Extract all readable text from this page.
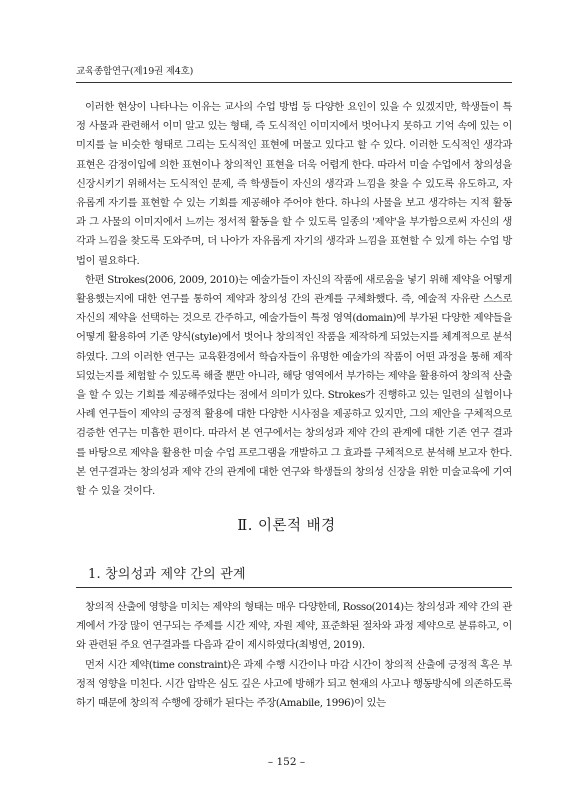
교육종합연구(제19권 제4호)

이러한 현상이 나타나는 이유는 교사의 수업 방법 등 다양한 요인이 있을 수 있겠지만, 학생들이 특정 사물과 관련해서 이미 알고 있는 형태, 즉 도식적인 이미지에서 벗어나지 못하고 기억 속에 있는 이미지를 늘 비슷한 형태로 그리는 도식적인 표현에 머물고 있다고 할 수 있다. 이러한 도식적인 생각과 표현은 감정이입에 의한 표현이나 창의적인 표현을 더욱 어렵게 한다. 따라서 미술 수업에서 창의성을 신장시키기 위해서는 도식적인 문제, 즉 학생들이 자신의 생각과 느낌을 찾을 수 있도록 유도하고, 자유롭게 자기를 표현할 수 있는 기회를 제공해야 주어야 한다. 하나의 사물을 보고 생각하는 지적 활동과 그 사물의 이미지에서 느끼는 정서적 활동을 할 수 있도록 일종의 '제약'을 부가함으로써 자신의 생각과 느낌을 찾도록 도와주며, 더 나아가 자유롭게 자기의 생각과 느낌을 표현할 수 있게 하는 수업 방법이 필요하다.

한편 Strokes(2006, 2009, 2010)는 예술가들이 자신의 작품에 새로움을 넣기 위해 제약을 어떻게 활용했는지에 대한 연구를 통하여 제약과 창의성 간의 관계를 구체화했다. 즉, 예술적 자유란 스스로 자신의 제약을 선택하는 것으로 간주하고, 예술가들이 특정 영역(domain)에 부가된 다양한 제약들을 어떻게 활용하여 기존 양식(style)에서 벗어나 창의적인 작품을 제작하게 되었는지를 체계적으로 분석하였다. 그의 이러한 연구는 교육환경에서 학습자들이 유명한 예술가의 작품이 어떤 과정을 통해 제작되었는지를 체험할 수 있도록 해줄 뿐만 아니라, 해당 영역에서 부가하는 제약을 활용하여 창의적 산출을 할 수 있는 기회를 제공해주었다는 점에서 의미가 있다. Strokes가 진행하고 있는 일련의 실험이나 사례 연구들이 제약의 긍정적 활용에 대한 다양한 시사점을 제공하고 있지만, 그의 제안을 구체적으로 검증한 연구는 미흡한 편이다. 따라서 본 연구에서는 창의성과 제약 간의 관계에 대한 기존 연구 결과를 바탕으로 제약을 활용한 미술 수업 프로그램을 개발하고 그 효과를 구체적으로 분석해 보고자 한다. 본 연구결과는 창의성과 제약 간의 관계에 대한 연구와 학생들의 창의성 신장을 위한 미술교육에 기여할 수 있을 것이다.

Ⅱ. 이론적 배경
1. 창의성과 제약 간의 관계

창의적 산출에 영향을 미치는 제약의 형태는 매우 다양한데, Rosso(2014)는 창의성과 제약 간의 관계에서 가장 많이 연구되는 주제를 시간 제약, 자원 제약, 표준화된 절차와 과정 제약으로 분류하고, 이와 관련된 주요 연구결과를 다음과 같이 제시하였다(최병연, 2019).

먼저 시간 제약(time constraint)은 과제 수행 시간이나 마감 시간이 창의적 산출에 긍정적 혹은 부정적 영향을 미친다. 시간 압박은 심도 깊은 사고에 방해가 되고 현재의 사고나 행동방식에 의존하도록 하기 때문에 창의적 수행에 장해가 된다는 주장(Amabile, 1996)이 있는

– 152 –
